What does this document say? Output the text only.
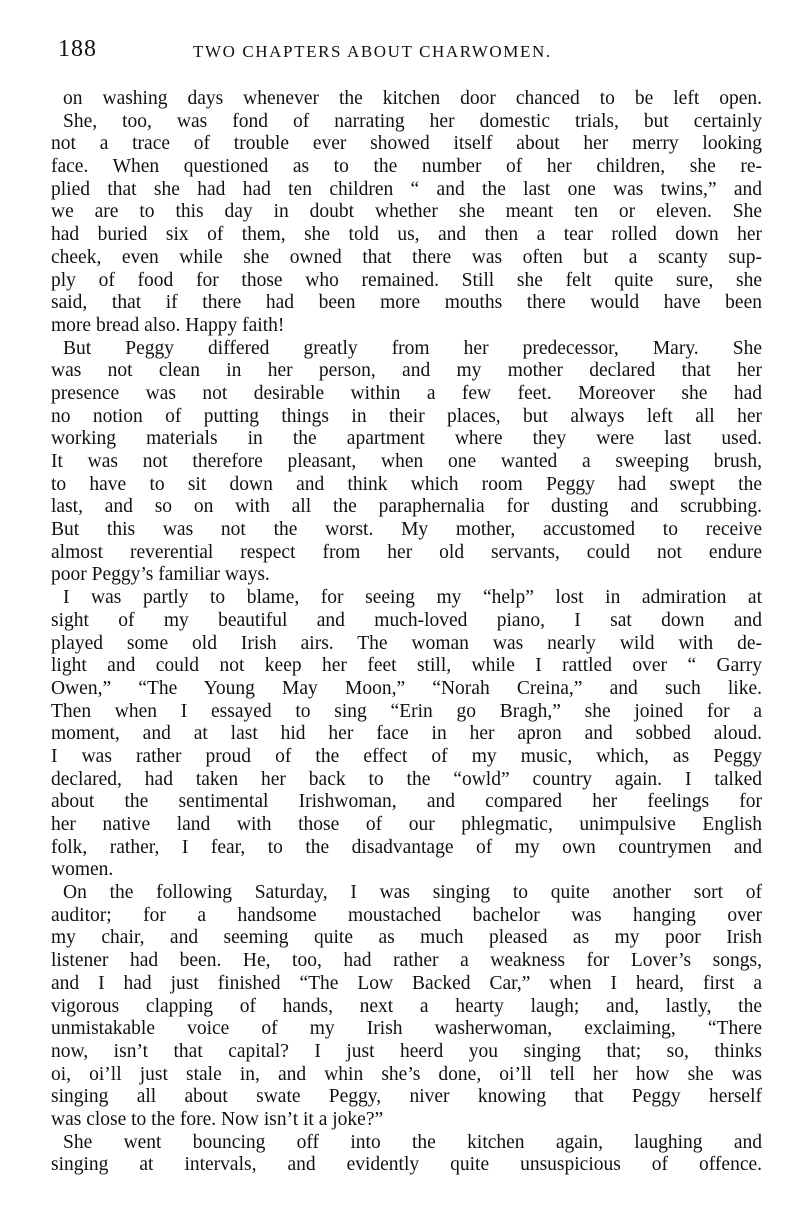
188	TWO CHAPTERS ABOUT CHARWOMEN.
on washing days whenever the kitchen door chanced to be left open.
She, too, was fond of narrating her domestic trials, but certainly
not a trace of trouble ever showed itself about her merry looking
face. When questioned as to the number of her children, she re-
plied that she had had ten children “ and the last one was twins,” and
we are to this day in doubt whether she meant ten or eleven. She
had buried six of them, she told us, and then a tear rolled down her
cheek, even while she owned that there was often but a scanty sup-
ply of food for those who remained. Still she felt quite sure, she
said, that if there had been more mouths there would have been
more bread also. Happy faith!
But Peggy differed greatly from her predecessor, Mary. She
was not clean in her person, and my mother declared that her
presence was not desirable within a few feet. Moreover she had
no notion of putting things in their places, but always left all her
working materials in the apartment where they were last used.
It was not therefore pleasant, when one wanted a sweeping brush,
to have to sit down and think which room Peggy had swept the
last, and so on with all the paraphernalia for dusting and scrubbing.
But this was not the worst. My mother, accustomed to receive
almost reverential respect from her old servants, could not endure
poor Peggy’s familiar ways.
I was partly to blame, for seeing my “help” lost in admiration at
sight of my beautiful and much-loved piano, I sat down and
played some old Irish airs. The woman was nearly wild with de-
light and could not keep her feet still, while I rattled over “ Garry
Owen,” “The Young May Moon,” “Norah Creina,” and such like.
Then when I essayed to sing “Erin go Bragh,” she joined for a
moment, and at last hid her face in her apron and sobbed aloud.
I was rather proud of the effect of my music, which, as Peggy
declared, had taken her back to the “owld” country again. I talked
about the sentimental Irishwoman, and compared her feelings for
her native land with those of our phlegmatic, unimpulsive English
folk, rather, I fear, to the disadvantage of my own countrymen and
women.
On the following Saturday, I was singing to quite another sort of
auditor; for a handsome moustached bachelor was hanging over
my chair, and seeming quite as much pleased as my poor Irish
listener had been. He, too, had rather a weakness for Lover’s songs,
and I had just finished “The Low Backed Car,” when I heard, first a
vigorous clapping of hands, next a hearty laugh; and, lastly, the
unmistakable voice of my Irish washerwoman, exclaiming, “There
now, isn’t that capital? I just heerd you singing that; so, thinks
oi, oi’ll just stale in, and whin she’s done, oi’ll tell her how she was
singing all about swate Peggy, niver knowing that Peggy herself
was close to the fore. Now isn’t it a joke?”
She went bouncing off into the kitchen again, laughing and
singing at intervals, and evidently quite unsuspicious of offence.
